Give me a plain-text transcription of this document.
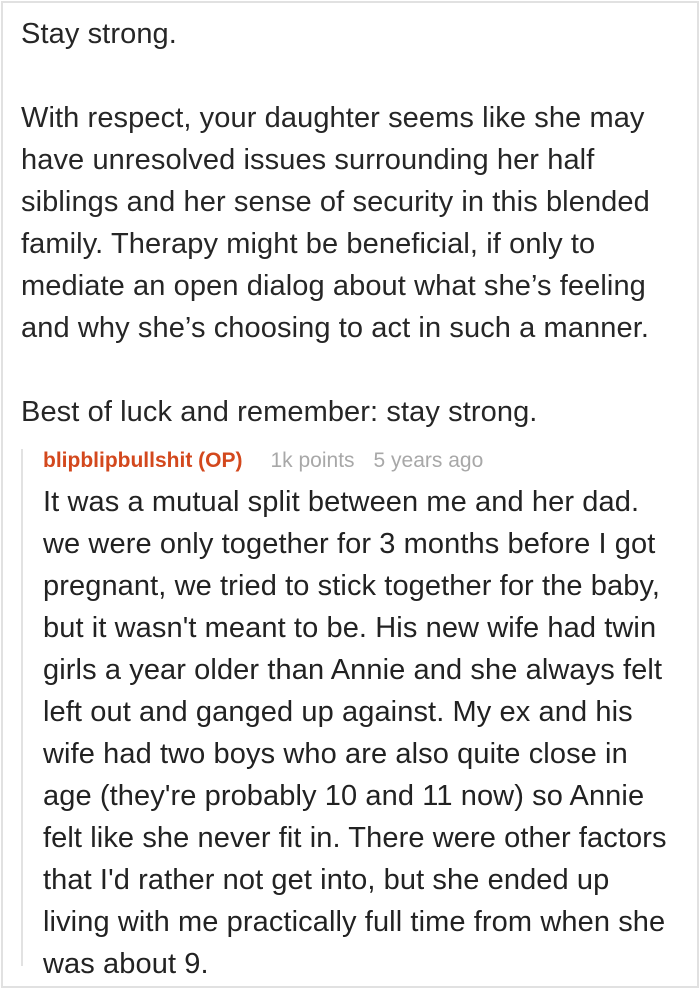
Stay strong.

With respect, your daughter seems like she may
have unresolved issues surrounding her half
siblings and her sense of security in this blended
family. Therapy might be beneficial, if only to
mediate an open dialog about what she’s feeling
and why she’s choosing to act in such a manner.

Best of luck and remember: stay strong.
blipblipbullshit (OP) 1k points 5 years ago
It was a mutual split between me and her dad.
we were only together for 3 months before I got
pregnant, we tried to stick together for the baby,
but it wasn't meant to be. His new wife had twin
girls a year older than Annie and she always felt
left out and ganged up against. My ex and his
wife had two boys who are also quite close in
age (they're probably 10 and 11 now) so Annie
felt like she never fit in. There were other factors
that I'd rather not get into, but she ended up
living with me practically full time from when she
was about 9.
